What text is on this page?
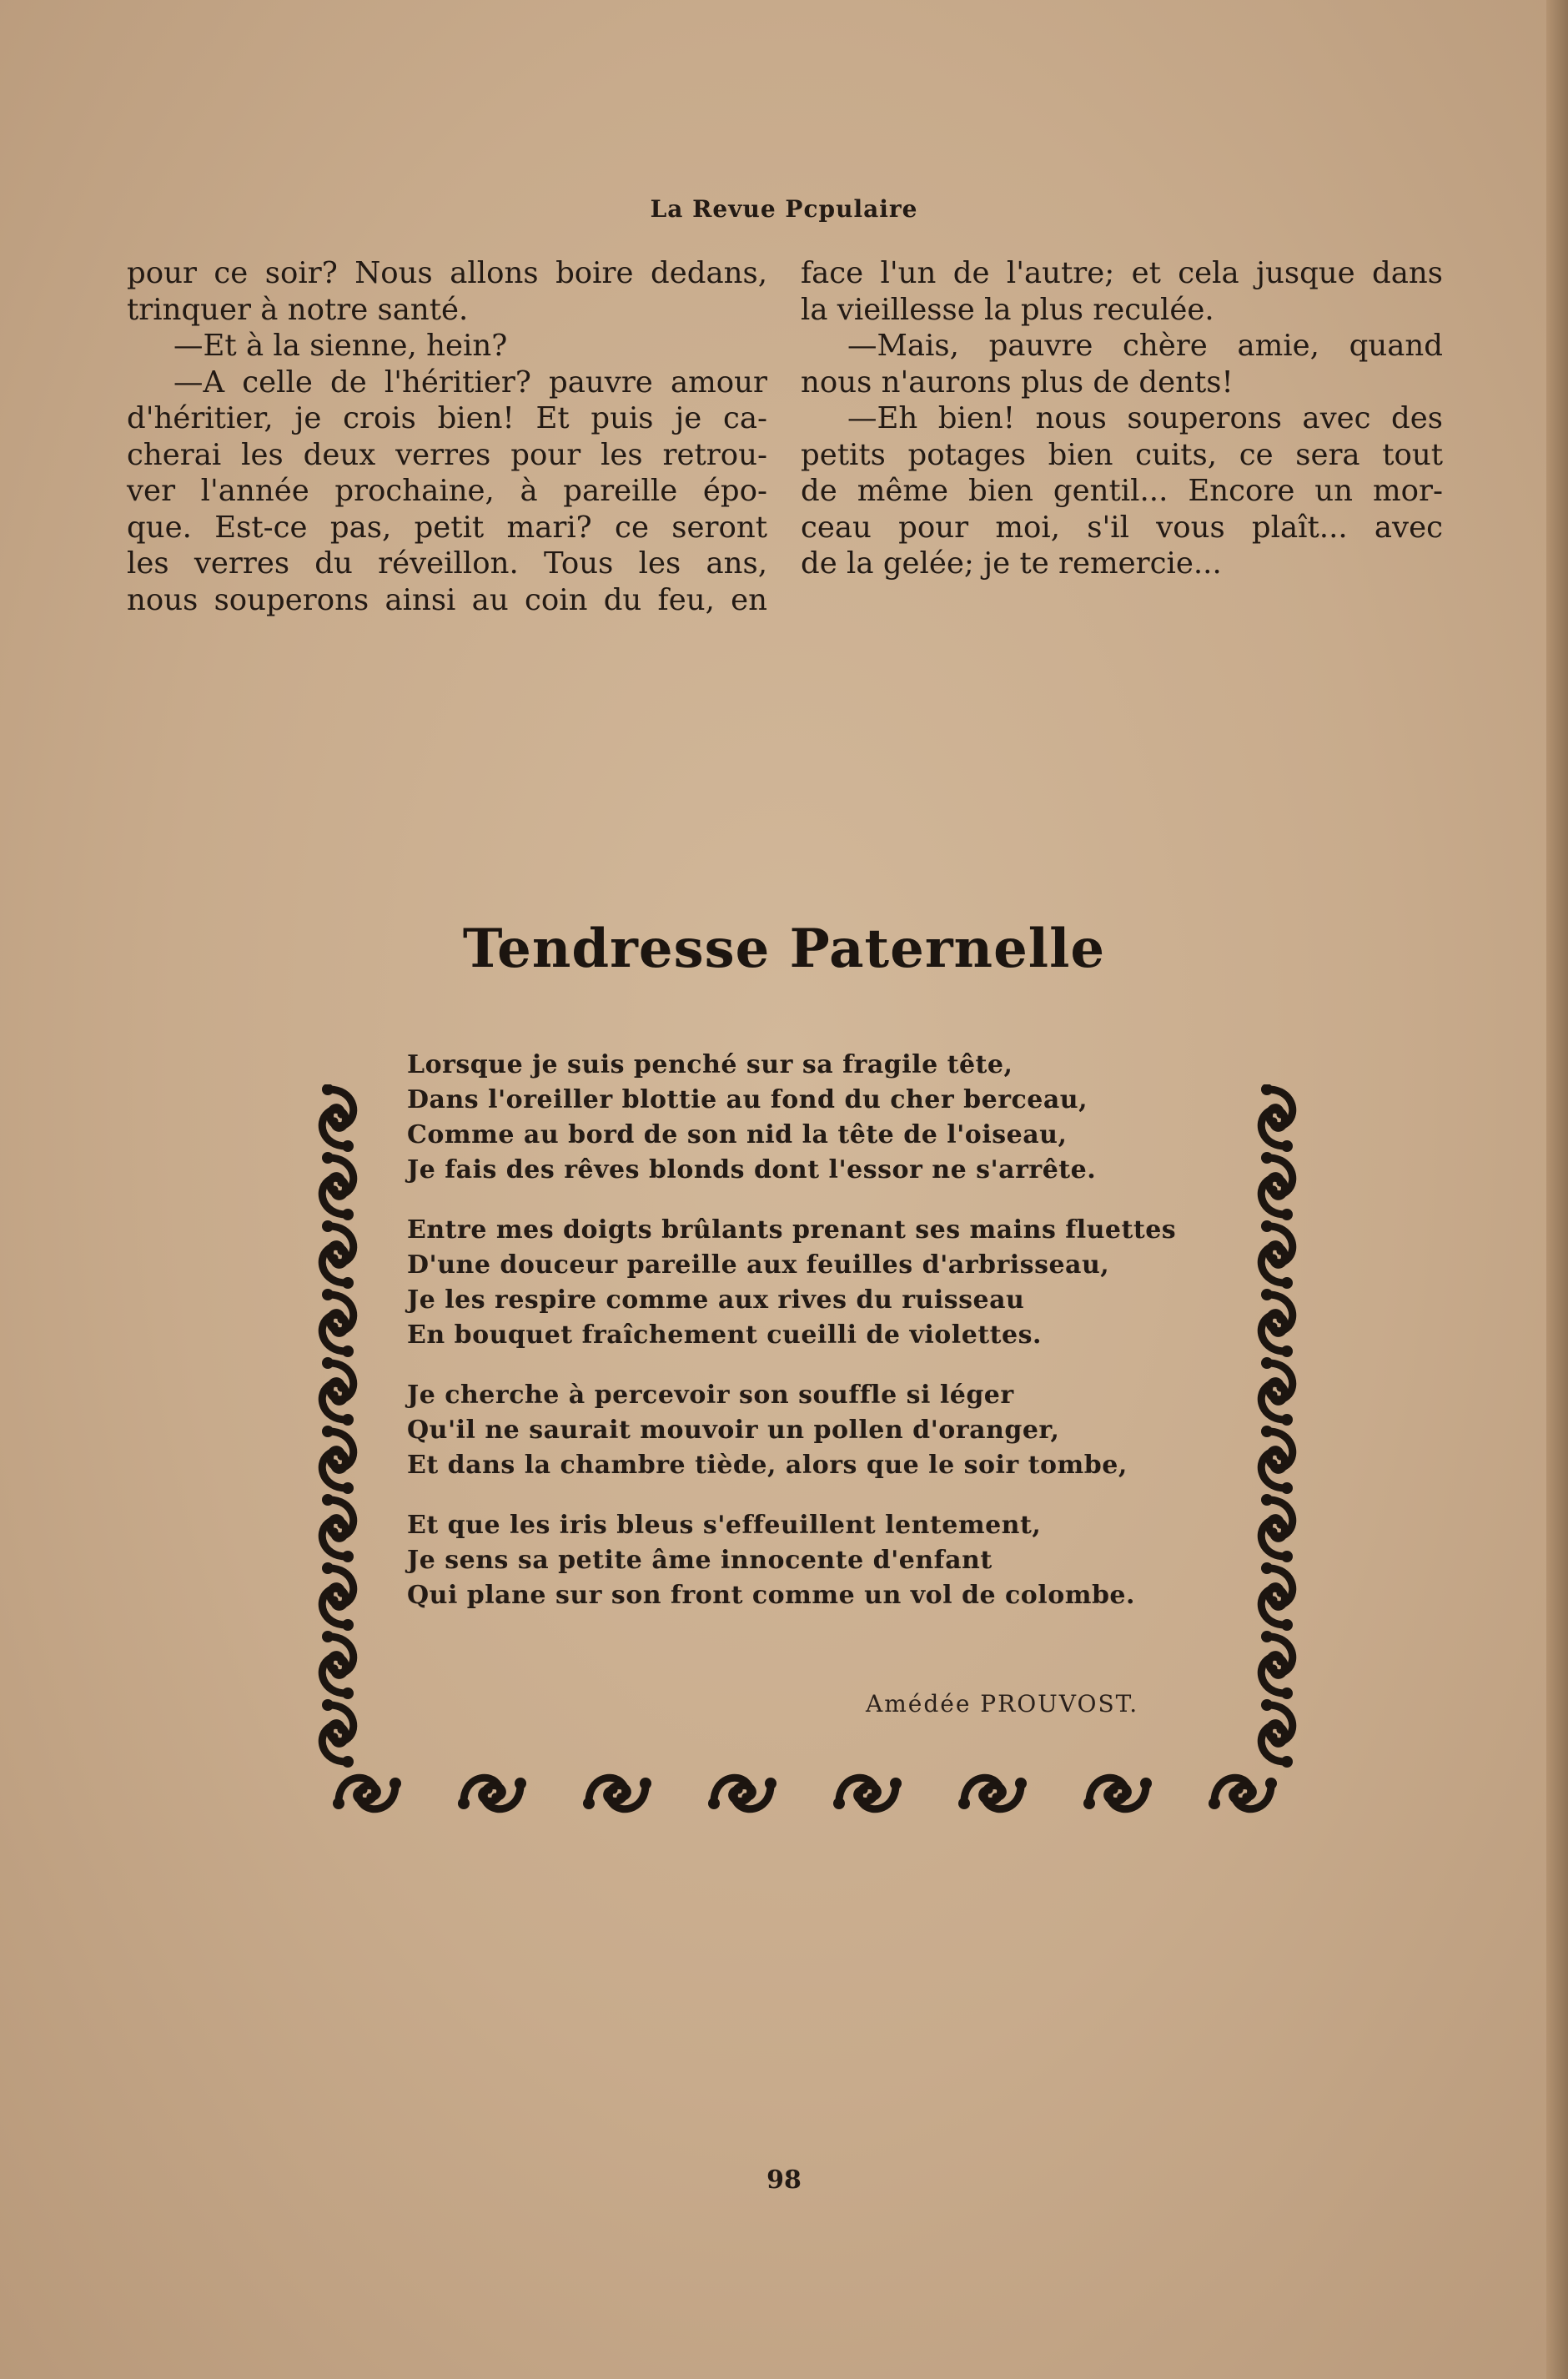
La Revue Pcpulaire
pour ce soir? Nous allons boire dedans,
trinquer à notre santé.
—Et à la sienne, hein?
—A celle de l'héritier? pauvre amour
d'héritier, je crois bien! Et puis je ca-
cherai les deux verres pour les retrou-
ver l'année prochaine, à pareille épo-
que. Est-ce pas, petit mari? ce seront
les verres du réveillon. Tous les ans,
nous souperons ainsi au coin du feu, en
face l'un de l'autre; et cela jusque dans
la vieillesse la plus reculée.
—Mais, pauvre chère amie, quand
nous n'aurons plus de dents!
—Eh bien! nous souperons avec des
petits potages bien cuits, ce sera tout
de même bien gentil... Encore un mor-
ceau pour moi, s'il vous plaît... avec
de la gelée; je te remercie...
Tendresse Paternelle
Lorsque je suis penché sur sa fragile tête,
Dans l'oreiller blottie au fond du cher berceau,
Comme au bord de son nid la tête de l'oiseau,
Je fais des rêves blonds dont l'essor ne s'arrête.
Entre mes doigts brûlants prenant ses mains fluettes
D'une douceur pareille aux feuilles d'arbrisseau,
Je les respire comme aux rives du ruisseau
En bouquet fraîchement cueilli de violettes.
Je cherche à percevoir son souffle si léger
Qu'il ne saurait mouvoir un pollen d'oranger,
Et dans la chambre tiède, alors que le soir tombe,
Et que les iris bleus s'effeuillent lentement,
Je sens sa petite âme innocente d'enfant
Qui plane sur son front comme un vol de colombe.
Amédée PROUVOST.
98
